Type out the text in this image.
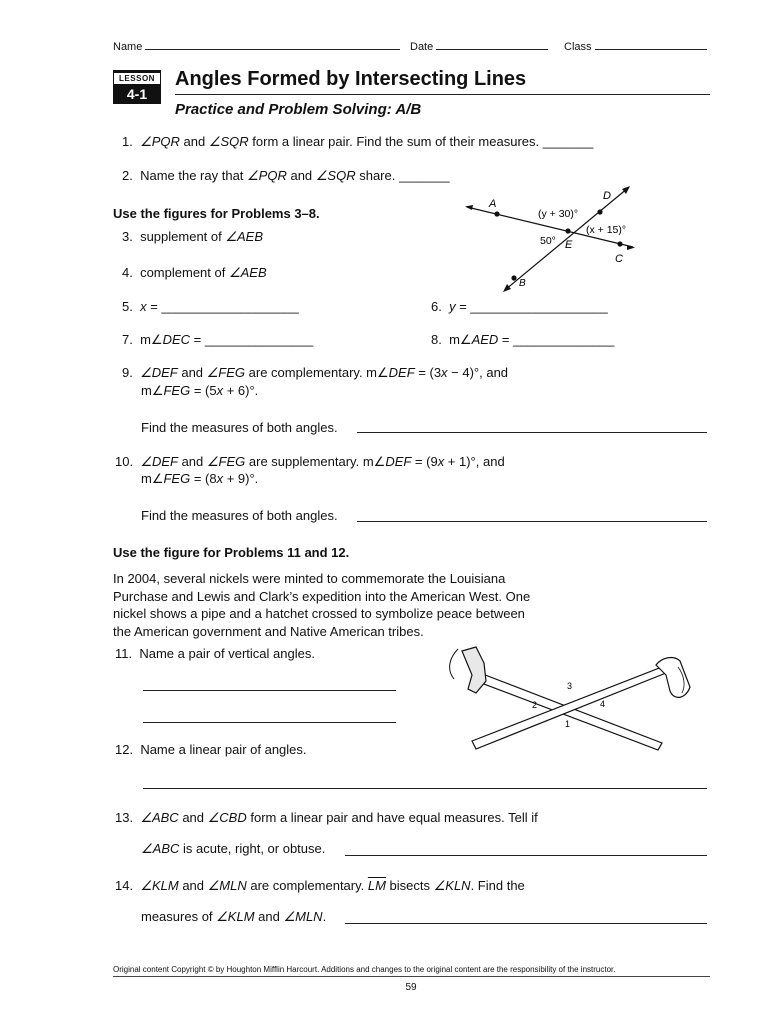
Name	Date	Class
LESSON
4-1
Angles Formed by Intersecting Lines
Practice and Problem Solving: A/B
1. ∠PQR and ∠SQR form a linear pair. Find the sum of their measures. _______
2. Name the ray that ∠PQR and ∠SQR share. _______
Use the figures for Problems 3–8.
3. supplement of ∠AEB
4. complement of ∠AEB
5. x = ___________________	6. y = ___________________
7. m∠DEC = _______________	8. m∠AED = ______________
A
D
E
C
B
(y + 30)°
(x + 15)°
50°
9. ∠DEF and ∠FEG are complementary. m∠DEF = (3x − 4)°, and
m∠FEG = (5x + 6)°.
Find the measures of both angles.
10. ∠DEF and ∠FEG are supplementary. m∠DEF = (9x + 1)°, and
m∠FEG = (8x + 9)°.
Find the measures of both angles.
Use the figure for Problems 11 and 12.
In 2004, several nickels were minted to commemorate the Louisiana
Purchase and Lewis and Clark’s expedition into the American West. One
nickel shows a pipe and a hatchet crossed to symbolize peace between
the American government and Native American tribes.
11. Name a pair of vertical angles.
3
2	4
1
12. Name a linear pair of angles.
13. ∠ABC and ∠CBD form a linear pair and have equal measures. Tell if
∠ABC is acute, right, or obtuse.
14. ∠KLM and ∠MLN are complementary. $\overline{LM}$ bisects ∠KLN. Find the
measures of ∠KLM and ∠MLN.
Original content Copyright © by Houghton Mifflin Harcourt. Additions and changes to the original content are the responsibility of the instructor.
59
